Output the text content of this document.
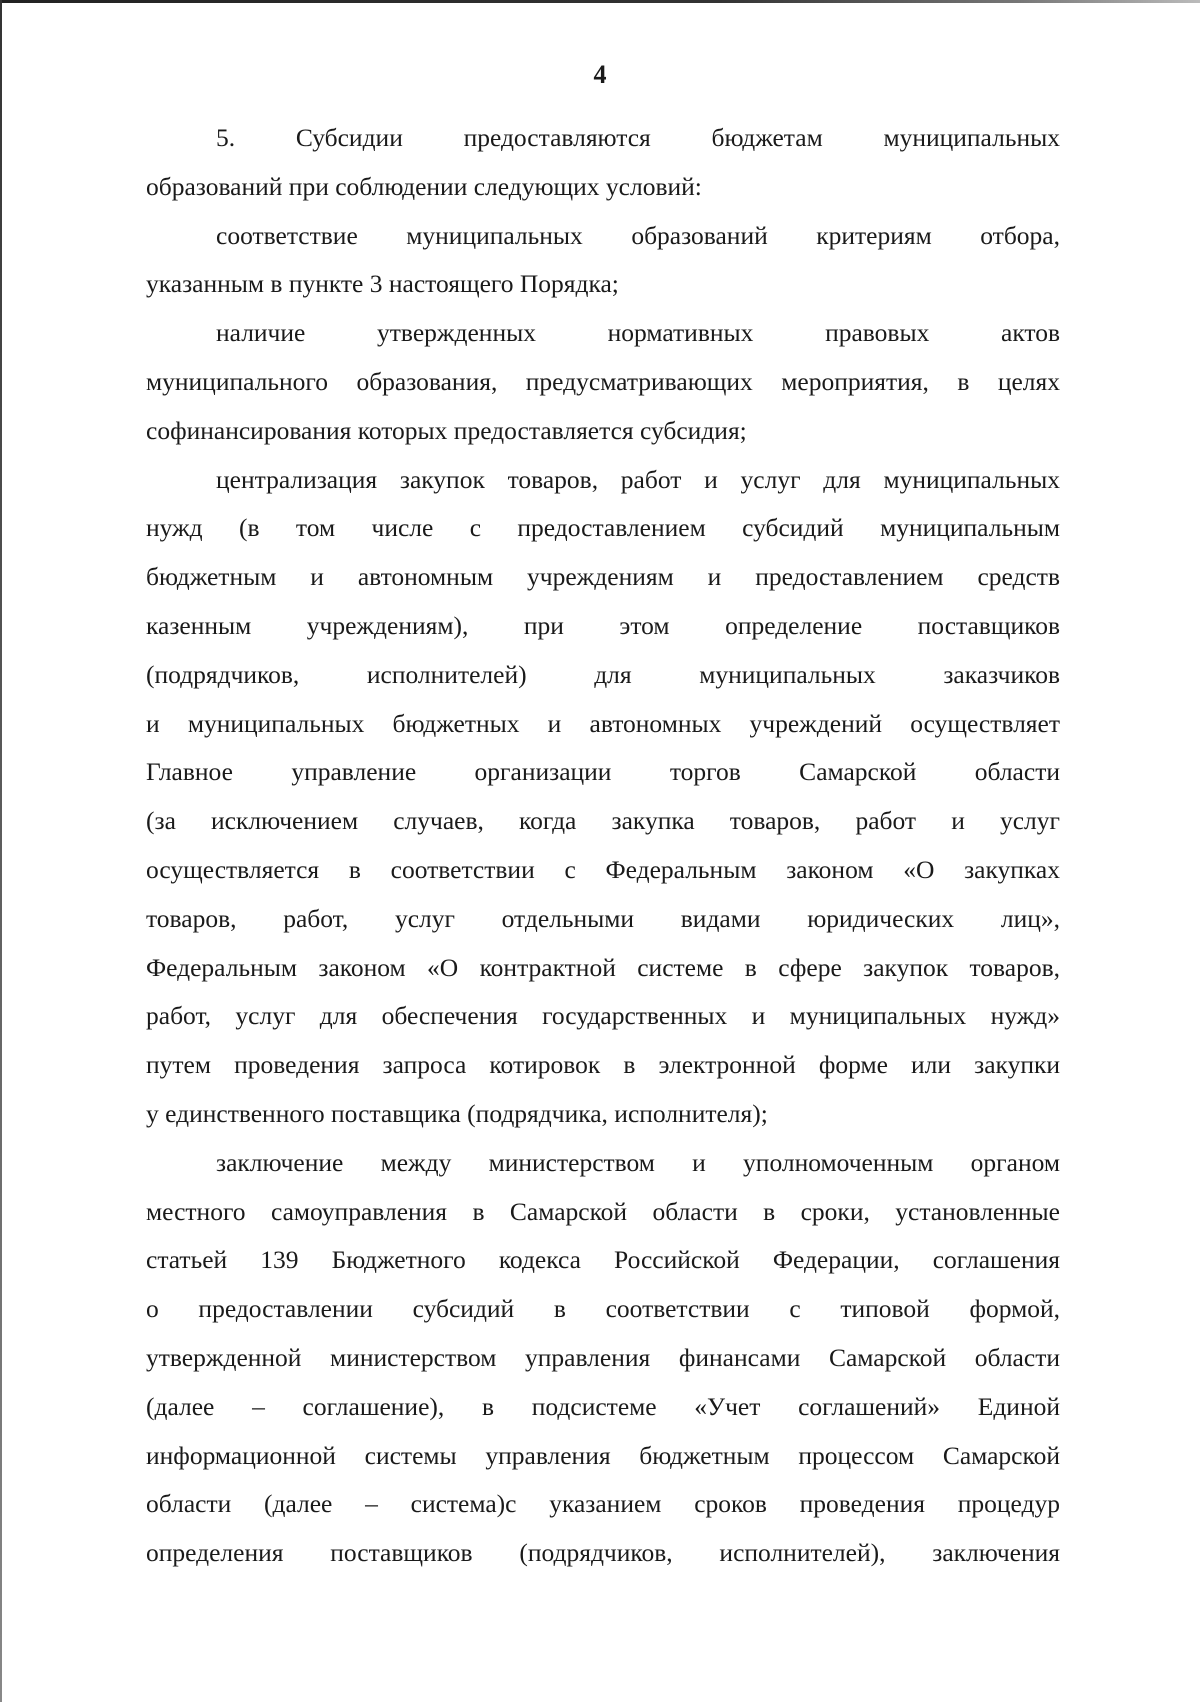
4
5. Субсидии предоставляются бюджетам муниципальных
образований при соблюдении следующих условий:
соответствие муниципальных образований критериям отбора,
указанным в пункте 3 настоящего Порядка;
наличие утвержденных нормативных правовых актов
муниципального образования, предусматривающих мероприятия, в целях
софинансирования которых предоставляется субсидия;
централизация закупок товаров, работ и услуг для муниципальных
нужд (в том числе с предоставлением субсидий муниципальным
бюджетным и автономным учреждениям и предоставлением средств
казенным учреждениям), при этом определение поставщиков
(подрядчиков, исполнителей) для муниципальных заказчиков
и муниципальных бюджетных и автономных учреждений осуществляет
Главное управление организации торгов Самарской области
(за исключением случаев, когда закупка товаров, работ и услуг
осуществляется в соответствии с Федеральным законом «О закупках
товаров, работ, услуг отдельными видами юридических лиц»,
Федеральным законом «О контрактной системе в сфере закупок товаров,
работ, услуг для обеспечения государственных и муниципальных нужд»
путем проведения запроса котировок в электронной форме или закупки
у единственного поставщика (подрядчика, исполнителя);
заключение между министерством и уполномоченным органом
местного самоуправления в Самарской области в сроки, установленные
статьей 139 Бюджетного кодекса Российской Федерации, соглашения
о предоставлении субсидий в соответствии с типовой формой,
утвержденной министерством управления финансами Самарской области
(далее – соглашение), в подсистеме «Учет соглашений» Единой
информационной системы управления бюджетным процессом Самарской
области (далее – система)с указанием сроков проведения процедур
определения поставщиков (подрядчиков, исполнителей), заключения
